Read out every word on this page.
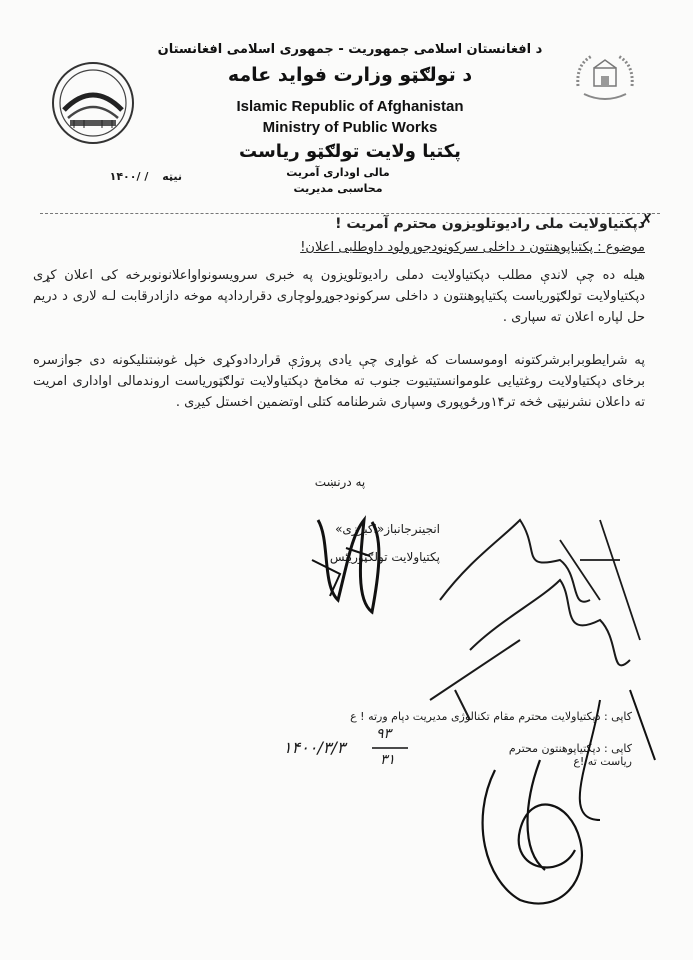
د افغانستان اسلامی جمهوریت - جمهوری اسلامی افغانستان
د تولګټو وزارت فواید عامه
Islamic Republic of Afghanistan
Ministry of Public Works
پکتیا ولایت تولګټو ریاست
مالی اوداری آمریت
محاسبی مدیریت
نیټه / /۱۴۰۰
✗
دپکتیاولایت ملی رادیوتلویزون محترم آمریت !
موضوع : پکتیاپوهنتون د داخلی سرکونودجوړولود داوطلبی اعلان!
هیله ده چې لاندې مطلب دپکتیاولایت دملی رادیوتلویزون په خبری سرویسونواواعلانونوبرخه کی اعلان کړی دپکتیاولایت تولګټوریاست پکتیاپوهنتون د داخلی سرکونودجوړولوچاری دقراردادپه موخه دازادرقابت لـه لاری د دریم حل لپاره اعلان ته سپاری .
په شرایطوبرابرشرکتونه اوموسسات که غواړی چې یادی پروژې قراردادوکړی خپل غوښتنلیکونه دی جوازسره برخای دپکتیاولایت روغتیایی علوموانستیتیوت جنوب ته مخامخ دپکتیاولایت تولګټوریاست اروندمالی اواداری امریت ته داعلان نشرنیټی څخه تر۱۴ورځوپوری وسپاری شرطنامه کتلی اوتضمین اخستل کیږی .
په درنښت
انجینرجانباز«اکبرزی»
پکتیاولایت تولګټوریئس
کاپی : دپکتیاولایت محترم مقام تکنالوژی مدیریت دپام ورته ! ع
کاپی : دپکتیاپوهنتون محترم ریاست ته !ع
۱۴۰۰/۳/۳
۹۳
۳۱
